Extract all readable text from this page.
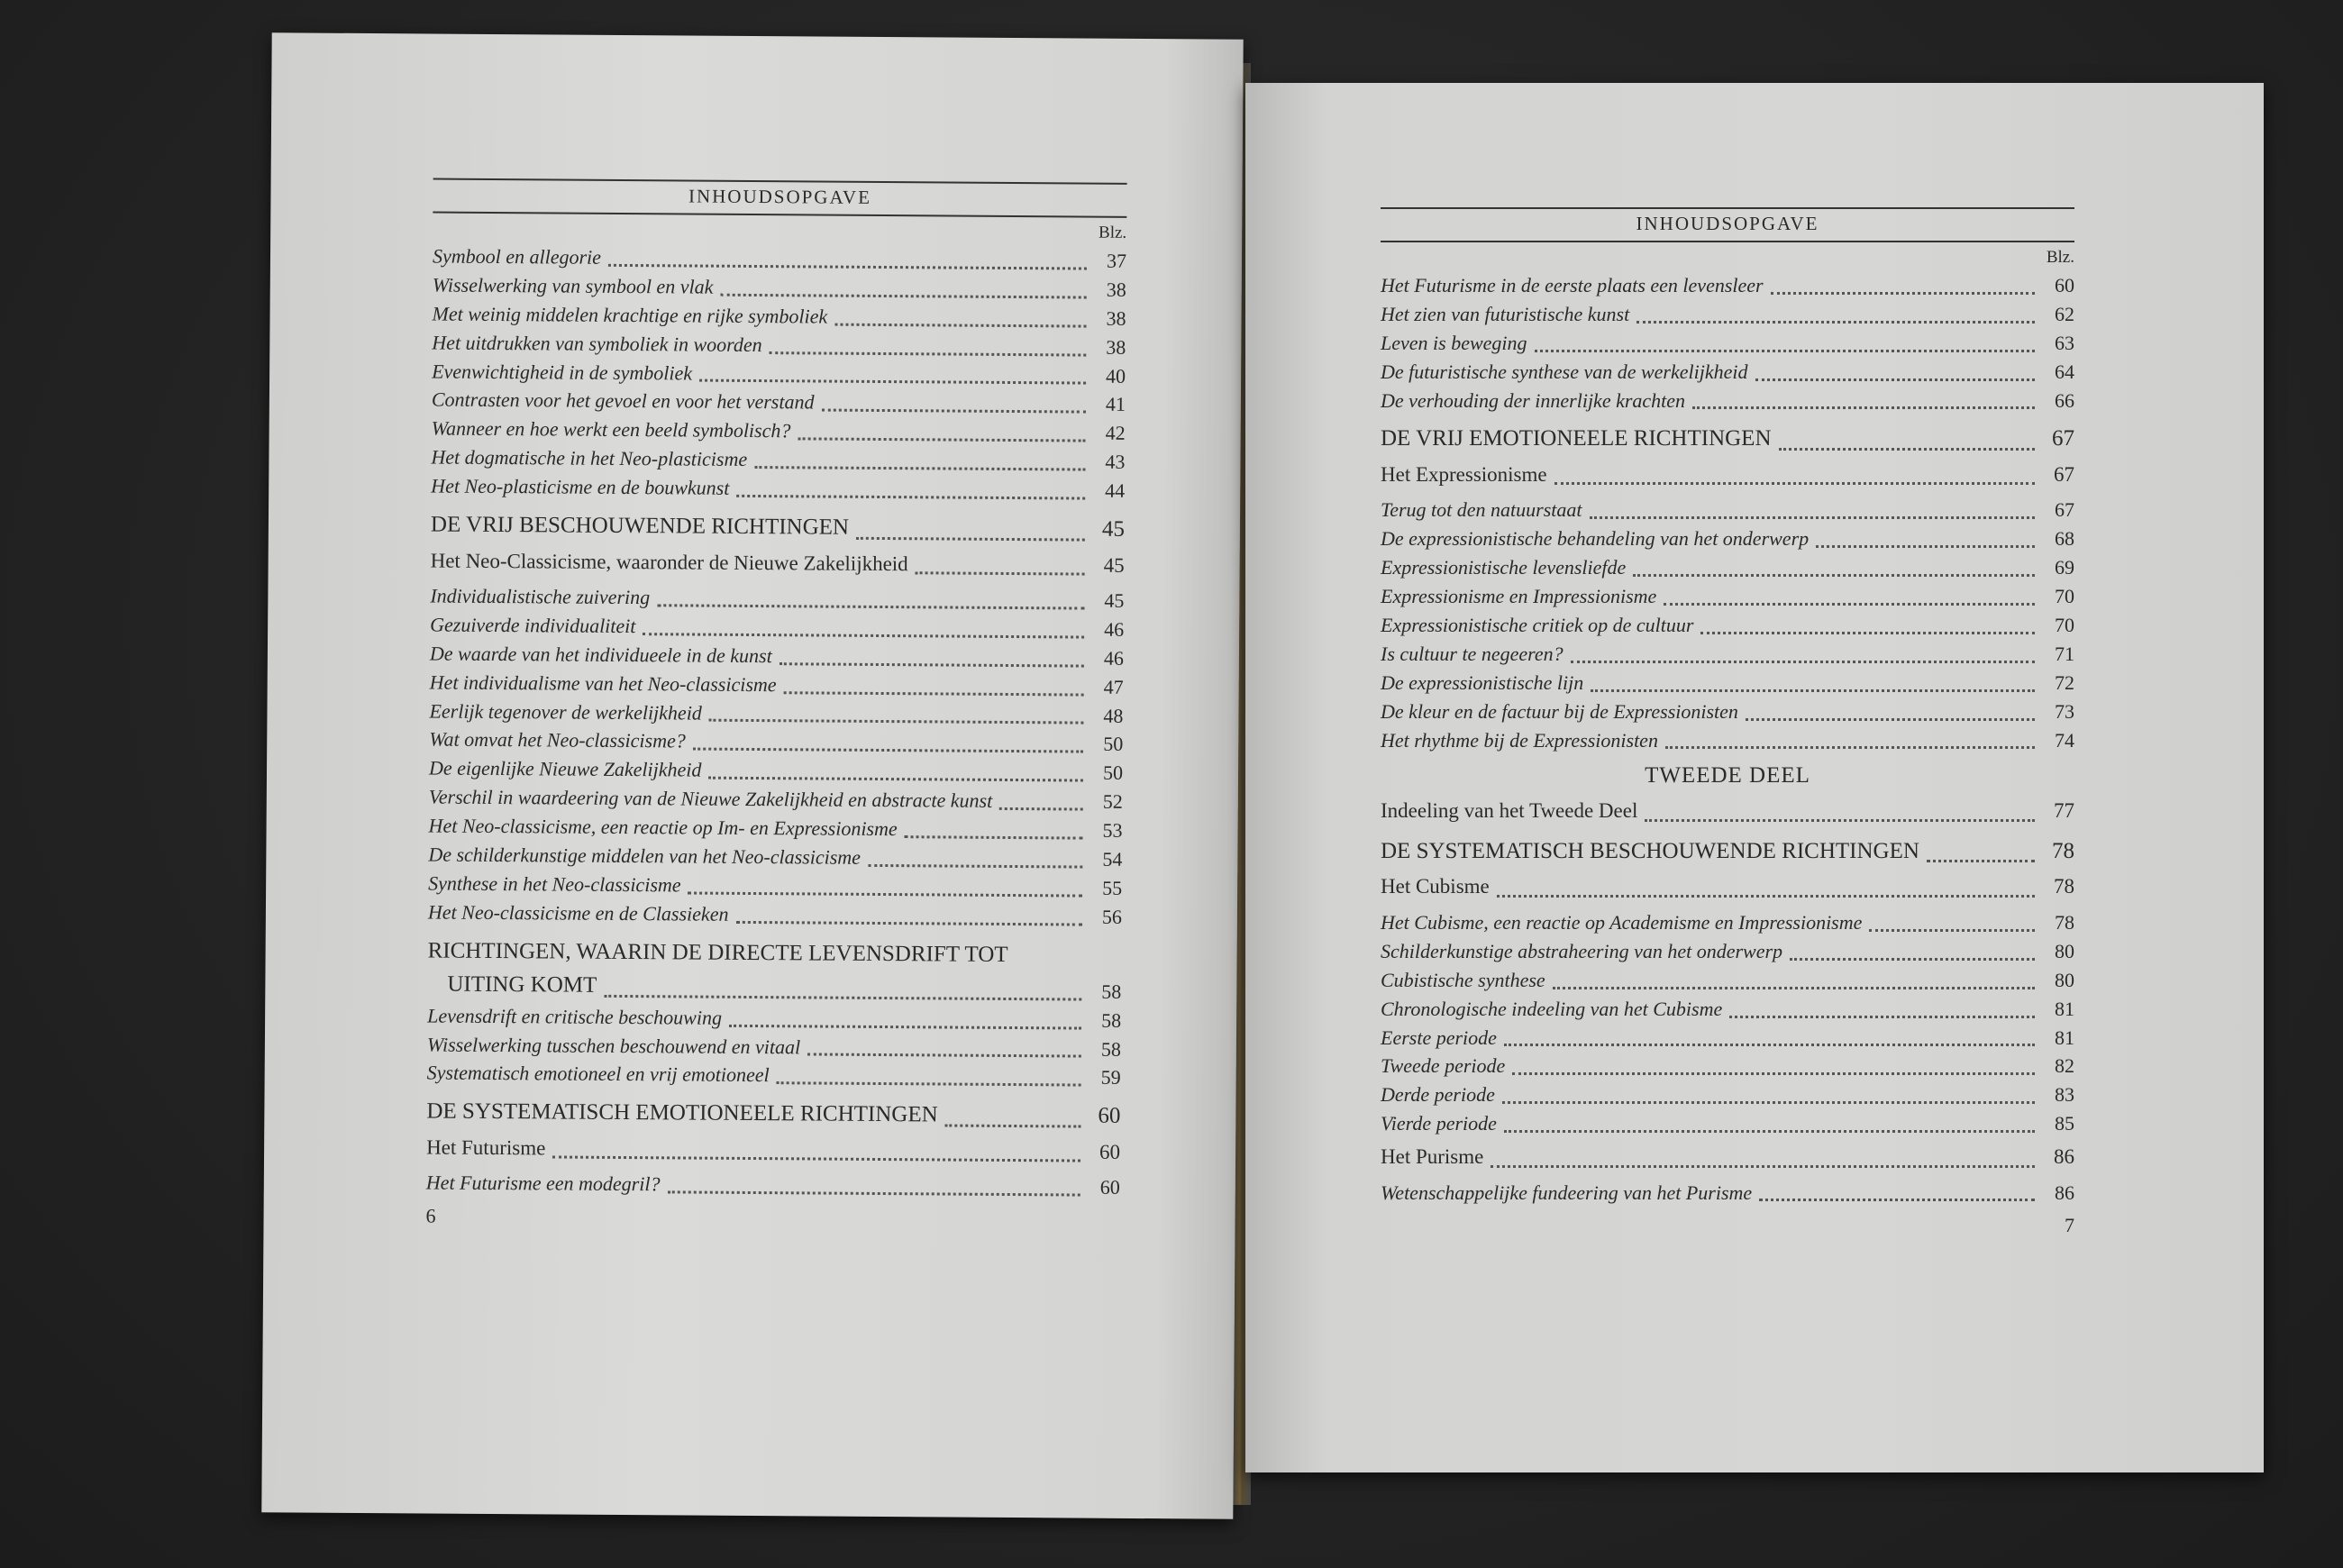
INHOUDSOPGAVE
Blz.
Symbool en allegorie	37
Wisselwerking van symbool en vlak	38
Met weinig middelen krachtige en rijke symboliek	38
Het uitdrukken van symboliek in woorden	38
Evenwichtigheid in de symboliek	40
Contrasten voor het gevoel en voor het verstand	41
Wanneer en hoe werkt een beeld symbolisch?	42
Het dogmatische in het Neo-plasticisme	43
Het Neo-plasticisme en de bouwkunst	44
DE VRIJ BESCHOUWENDE RICHTINGEN	45
Het Neo-Classicisme, waaronder de Nieuwe Zakelijkheid	45
Individualistische zuivering	45
Gezuiverde individualiteit	46
De waarde van het individueele in de kunst	46
Het individualisme van het Neo-classicisme	47
Eerlijk tegenover de werkelijkheid	48
Wat omvat het Neo-classicisme?	50
De eigenlijke Nieuwe Zakelijkheid	50
Verschil in waardeering van de Nieuwe Zakelijkheid en abstracte kunst	52
Het Neo-classicisme, een reactie op Im- en Expressionisme	53
De schilderkunstige middelen van het Neo-classicisme	54
Synthese in het Neo-classicisme	55
Het Neo-classicisme en de Classieken	56
RICHTINGEN, WAARIN DE DIRECTE LEVENSDRIFT TOT
UITING KOMT	58
Levensdrift en critische beschouwing	58
Wisselwerking tusschen beschouwend en vitaal	58
Systematisch emotioneel en vrij emotioneel	59
DE SYSTEMATISCH EMOTIONEELE RICHTINGEN	60
Het Futurisme	60
Het Futurisme een modegril?	60
6
INHOUDSOPGAVE
Blz.
Het Futurisme in de eerste plaats een levensleer	60
Het zien van futuristische kunst	62
Leven is beweging	63
De futuristische synthese van de werkelijkheid	64
De verhouding der innerlijke krachten	66
DE VRIJ EMOTIONEELE RICHTINGEN	67
Het Expressionisme	67
Terug tot den natuurstaat	67
De expressionistische behandeling van het onderwerp	68
Expressionistische levensliefde	69
Expressionisme en Impressionisme	70
Expressionistische critiek op de cultuur	70
Is cultuur te negeeren?	71
De expressionistische lijn	72
De kleur en de factuur bij de Expressionisten	73
Het rhythme bij de Expressionisten	74
TWEEDE DEEL
Indeeling van het Tweede Deel	77
DE SYSTEMATISCH BESCHOUWENDE RICHTINGEN	78
Het Cubisme	78
Het Cubisme, een reactie op Academisme en Impressionisme	78
Schilderkunstige abstraheering van het onderwerp	80
Cubistische synthese	80
Chronologische indeeling van het Cubisme	81
Eerste periode	81
Tweede periode	82
Derde periode	83
Vierde periode	85
Het Purisme	86
Wetenschappelijke fundeering van het Purisme	86
7
